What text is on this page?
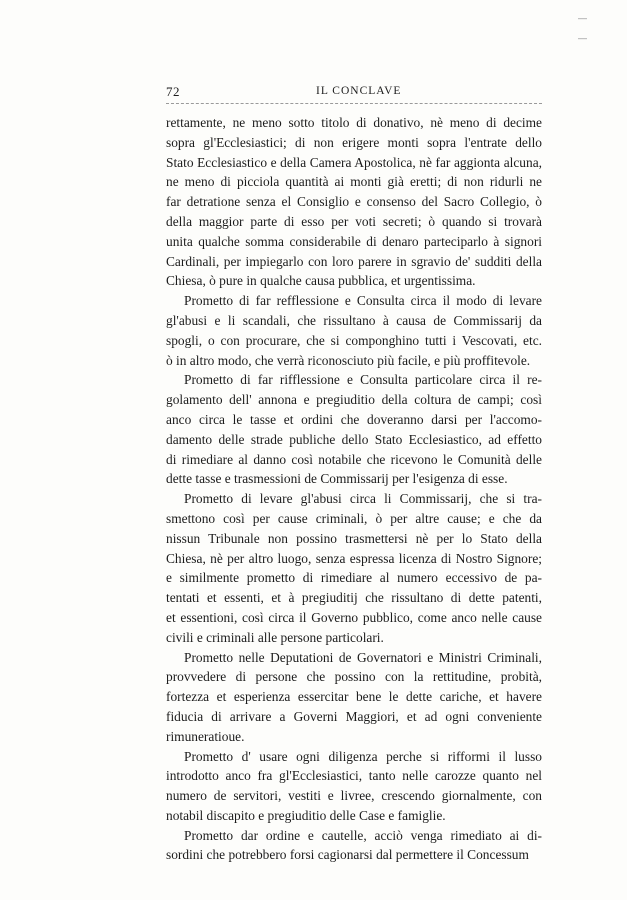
—
—
72	IL CONCLAVE
rettamente, ne meno sotto titolo di donativo, nè meno di decime
sopra gl'Ecclesiastici; di non erigere monti sopra l'entrate dello
Stato Ecclesiastico e della Camera Apostolica, nè far aggionta alcuna,
ne meno di picciola quantità ai monti già eretti; di non ridurli ne
far detratione senza el Consiglio e consenso del Sacro Collegio, ò
della maggior parte di esso per voti secreti; ò quando si trovarà
unita qualche somma considerabile di denaro parteciparlo à signori
Cardinali, per impiegarlo con loro parere in sgravio de' sudditi della
Chiesa, ò pure in qualche causa pubblica, et urgentissima.
Prometto di far refflessione e Consulta circa il modo di levare
gl'abusi e li scandali, che rissultano à causa de Commissarij da
spogli, o con procurare, che si componghino tutti i Vescovati, etc.
ò in altro modo, che verrà riconosciuto più facile, e più proffitevole.
Prometto di far rifflessione e Consulta particolare circa il re-
golamento dell' annona e pregiuditio della coltura de campi; così
anco circa le tasse et ordini che doveranno darsi per l'accomo-
damento delle strade publiche dello Stato Ecclesiastico, ad effetto
di rimediare al danno così notabile che ricevono le Comunità delle
dette tasse e trasmessioni de Commissarij per l'esigenza di esse.
Prometto di levare gl'abusi circa li Commissarij, che si tra-
smettono così per cause criminali, ò per altre cause; e che da
nissun Tribunale non possino trasmettersi nè per lo Stato della
Chiesa, nè per altro luogo, senza espressa licenza di Nostro Signore;
e similmente prometto di rimediare al numero eccessivo de pa-
tentati et essenti, et à pregiuditij che rissultano di dette patenti,
et essentioni, così circa il Governo pubblico, come anco nelle cause
civili e criminali alle persone particolari.
Prometto nelle Deputationi de Governatori e Ministri Criminali,
provvedere di persone che possino con la rettitudine, probità,
fortezza et esperienza essercitar bene le dette cariche, et havere
fiducia di arrivare a Governi Maggiori, et ad ogni conveniente
rimuneratioue.
Prometto d' usare ogni diligenza perche si rifformi il lusso
introdotto anco fra gl'Ecclesiastici, tanto nelle carozze quanto nel
numero de servitori, vestiti e livree, crescendo giornalmente, con
notabil discapito e pregiuditio delle Case e famiglie.
Prometto dar ordine e cautelle, acciò venga rimediato ai di-
sordini che potrebbero forsi cagionarsi dal permettere il Concessum
